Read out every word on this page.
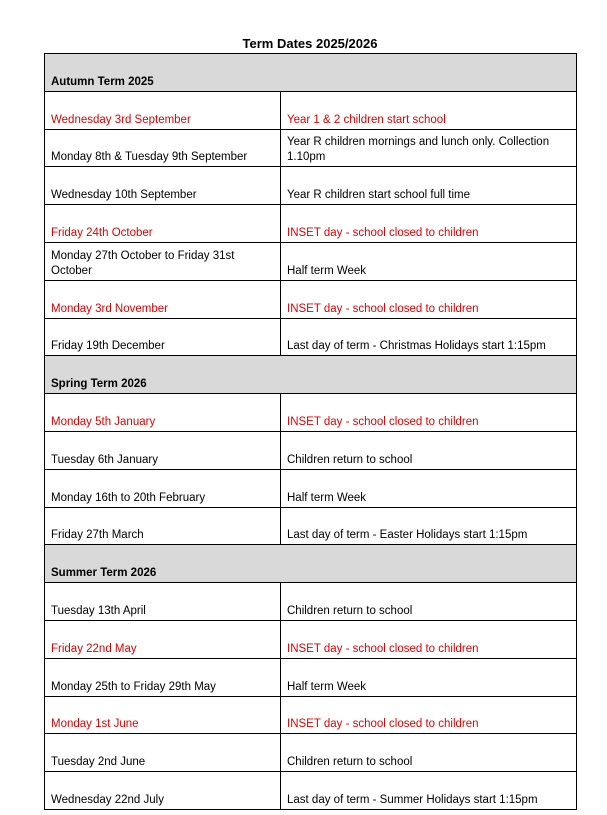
Term Dates 2025/2026
Autumn Term 2025	
Wednesday 3rd September	Year 1 & 2 children start school
Monday 8th & Tuesday 9th September	Year R children mornings and lunch only. Collection 1.10pm
Wednesday 10th September	Year R children start school full time
Friday 24th October	INSET day - school closed to children
Monday 27th October to Friday 31st October	Half term Week
Monday 3rd November	INSET day - school closed to children
Friday 19th December	Last day of term - Christmas Holidays start 1:15pm
Spring Term 2026	
Monday 5th January	INSET day - school closed to children
Tuesday 6th January	Children return to school
Monday 16th to 20th February	Half term Week
Friday 27th March	Last day of term - Easter Holidays start 1:15pm
Summer Term 2026	
Tuesday 13th April	Children return to school
Friday 22nd May	INSET day - school closed to children
Monday 25th to Friday 29th May	Half term Week
Monday 1st June	INSET day - school closed to children
Tuesday 2nd June	Children return to school
Wednesday 22nd July	Last day of term - Summer Holidays start 1:15pm
